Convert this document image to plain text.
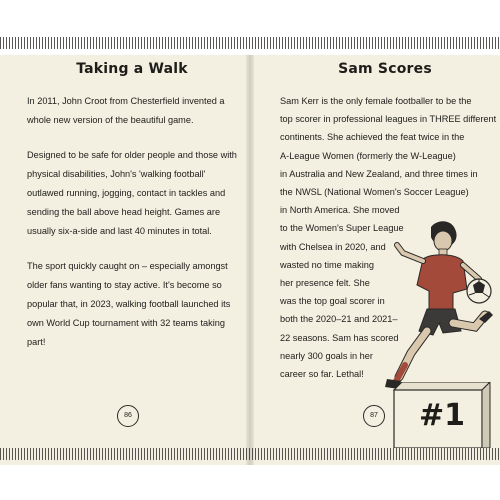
Taking a Walk

In 2011, John Croot from Chesterfield invented a whole new version of the beautiful game.

Designed to be safe for older people and those with physical disabilities, John's 'walking football' outlawed running, jogging, contact in tackles and sending the ball above head height. Games are usually six-a-side and last 40 minutes in total.

The sport quickly caught on – especially amongst older fans wanting to stay active. It's become so popular that, in 2023, walking football launched its own World Cup tournament with 32 teams taking part!

Sam Scores
Sam Kerr is the only female footballer to be the
top scorer in professional leagues in THREE different
continents. She achieved the feat twice in the
A-League Women (formerly the W-League)
in Australia and New Zealand, and three times in
the NWSL (National Women's Soccer League)
in North America. She moved
to the Women's Super League
with Chelsea in 2020, and
wasted no time making
her presence felt. She
was the top goal scorer in
both the 2020–21 and 2021–
22 seasons. Sam has scored
nearly 300 goals in her
career so far. Lethal!
86	87 #1
